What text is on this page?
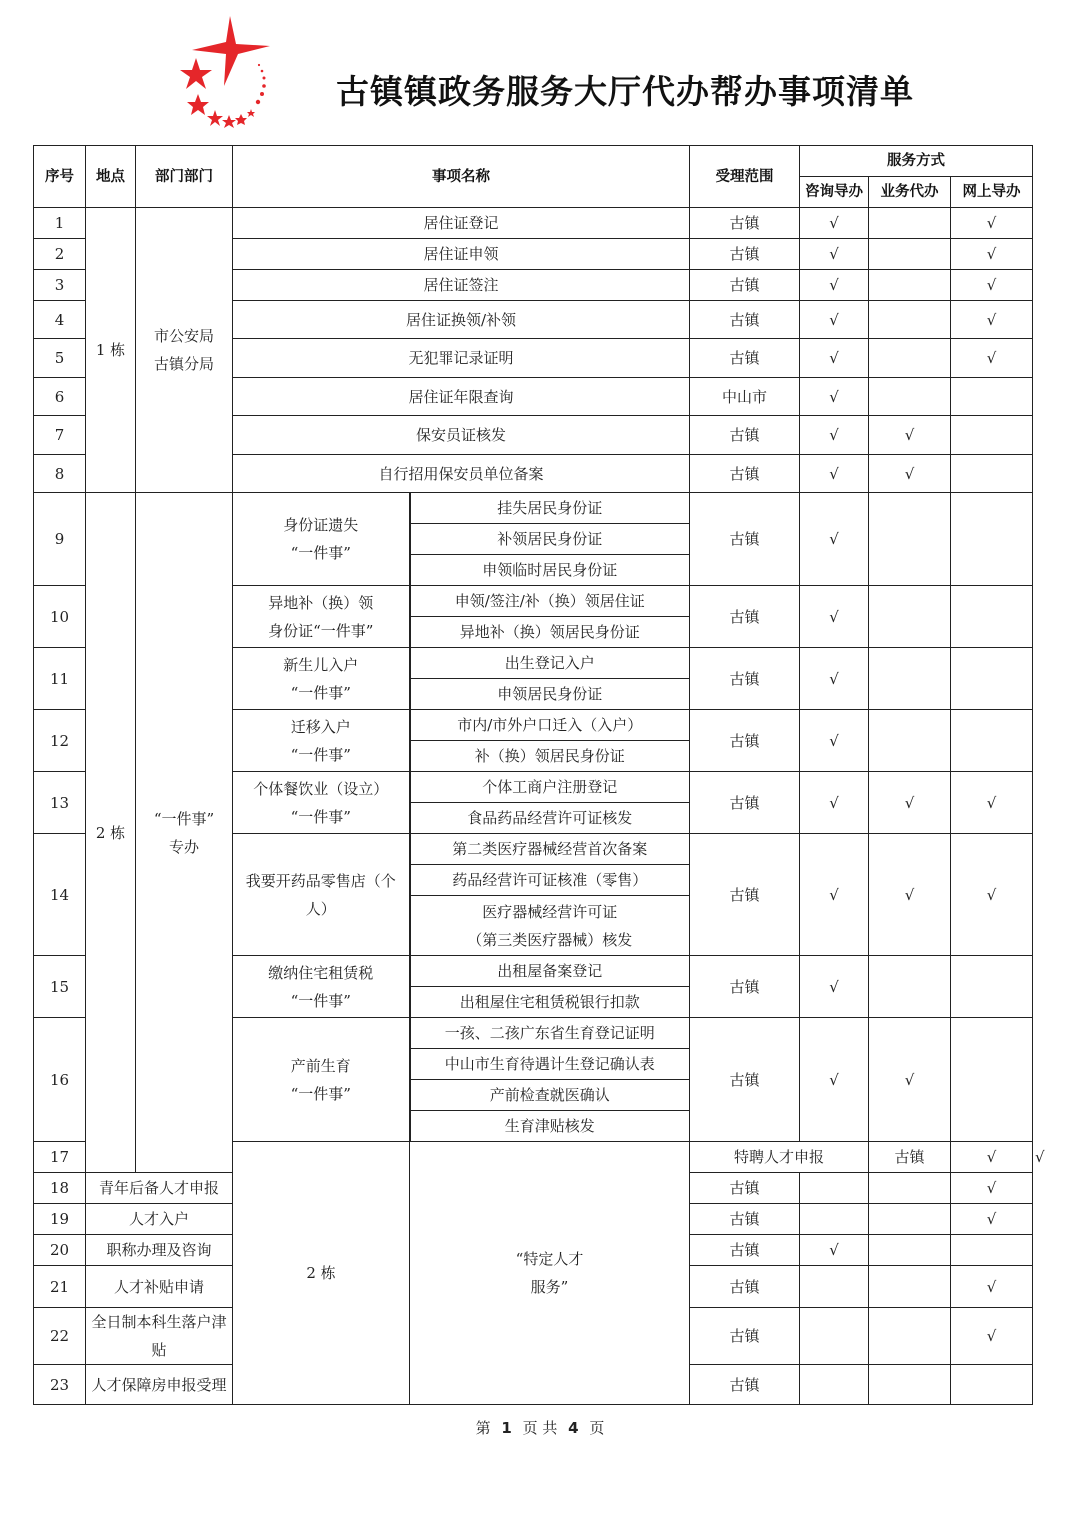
古镇镇政务服务大厅代办帮办事项清单
序号	地点	部门部门	事项名称		受理范围	服务方式			
						咨询导办	业务代办	网上导办	
1	1 栋	市公安局 古镇分局	居住证登记		古镇	√		√	
2			居住证申领		古镇	√		√	
3			居住证签注		古镇	√		√	
4			居住证换领/补领		古镇	√		√	
5			无犯罪记录证明		古镇	√		√	
6			居住证年限查询		中山市	√			
7			保安员证核发		古镇	√	√		
8			自行招用保安员单位备案		古镇	√	√		
9	2 栋	“一件事” 专办	身份证遗失 “一件事”	挂失居民身份证	古镇	√			
				补领居民身份证					
				申领临时居民身份证					
10			异地补（换）领 身份证“一件事”	申领/签注/补（换）领居住证	古镇	√			
				异地补（换）领居民身份证					
11			新生儿入户 “一件事”	出生登记入户	古镇	√			
				申领居民身份证					
12			迁移入户 “一件事”	市内/市外户口迁入（入户）	古镇	√			
				补（换）领居民身份证					
13			个体餐饮业（设立） “一件事”	个体工商户注册登记	古镇	√	√	√	
				食品药品经营许可证核发					
14			我要开药品零售店（个 人）	第二类医疗器械经营首次备案	古镇	√	√	√	
				药品经营许可证核准（零售）					
				医疗器械经营许可证 （第三类医疗器械）核发					
15			缴纳住宅租赁税 “一件事”	出租屋备案登记	古镇	√			
				出租屋住宅租赁税银行扣款					
16			产前生育 “一件事”	一孩、二孩广东省生育登记证明	古镇	√	√		
				中山市生育待遇计生登记确认表					
				产前检查就医确认					
				生育津贴核发					
17			2 栋	“特定人才 服务”	特聘人才申报		古镇	√		√
18	青年后备人才申报				古镇			√	
19	人才入户				古镇			√	
20	职称办理及咨询				古镇	√			
21	人才补贴申请				古镇			√	
22	全日制本科生落户津贴				古镇			√	
23	人才保障房申报受理				古镇				
第 1 页 共 4 页
